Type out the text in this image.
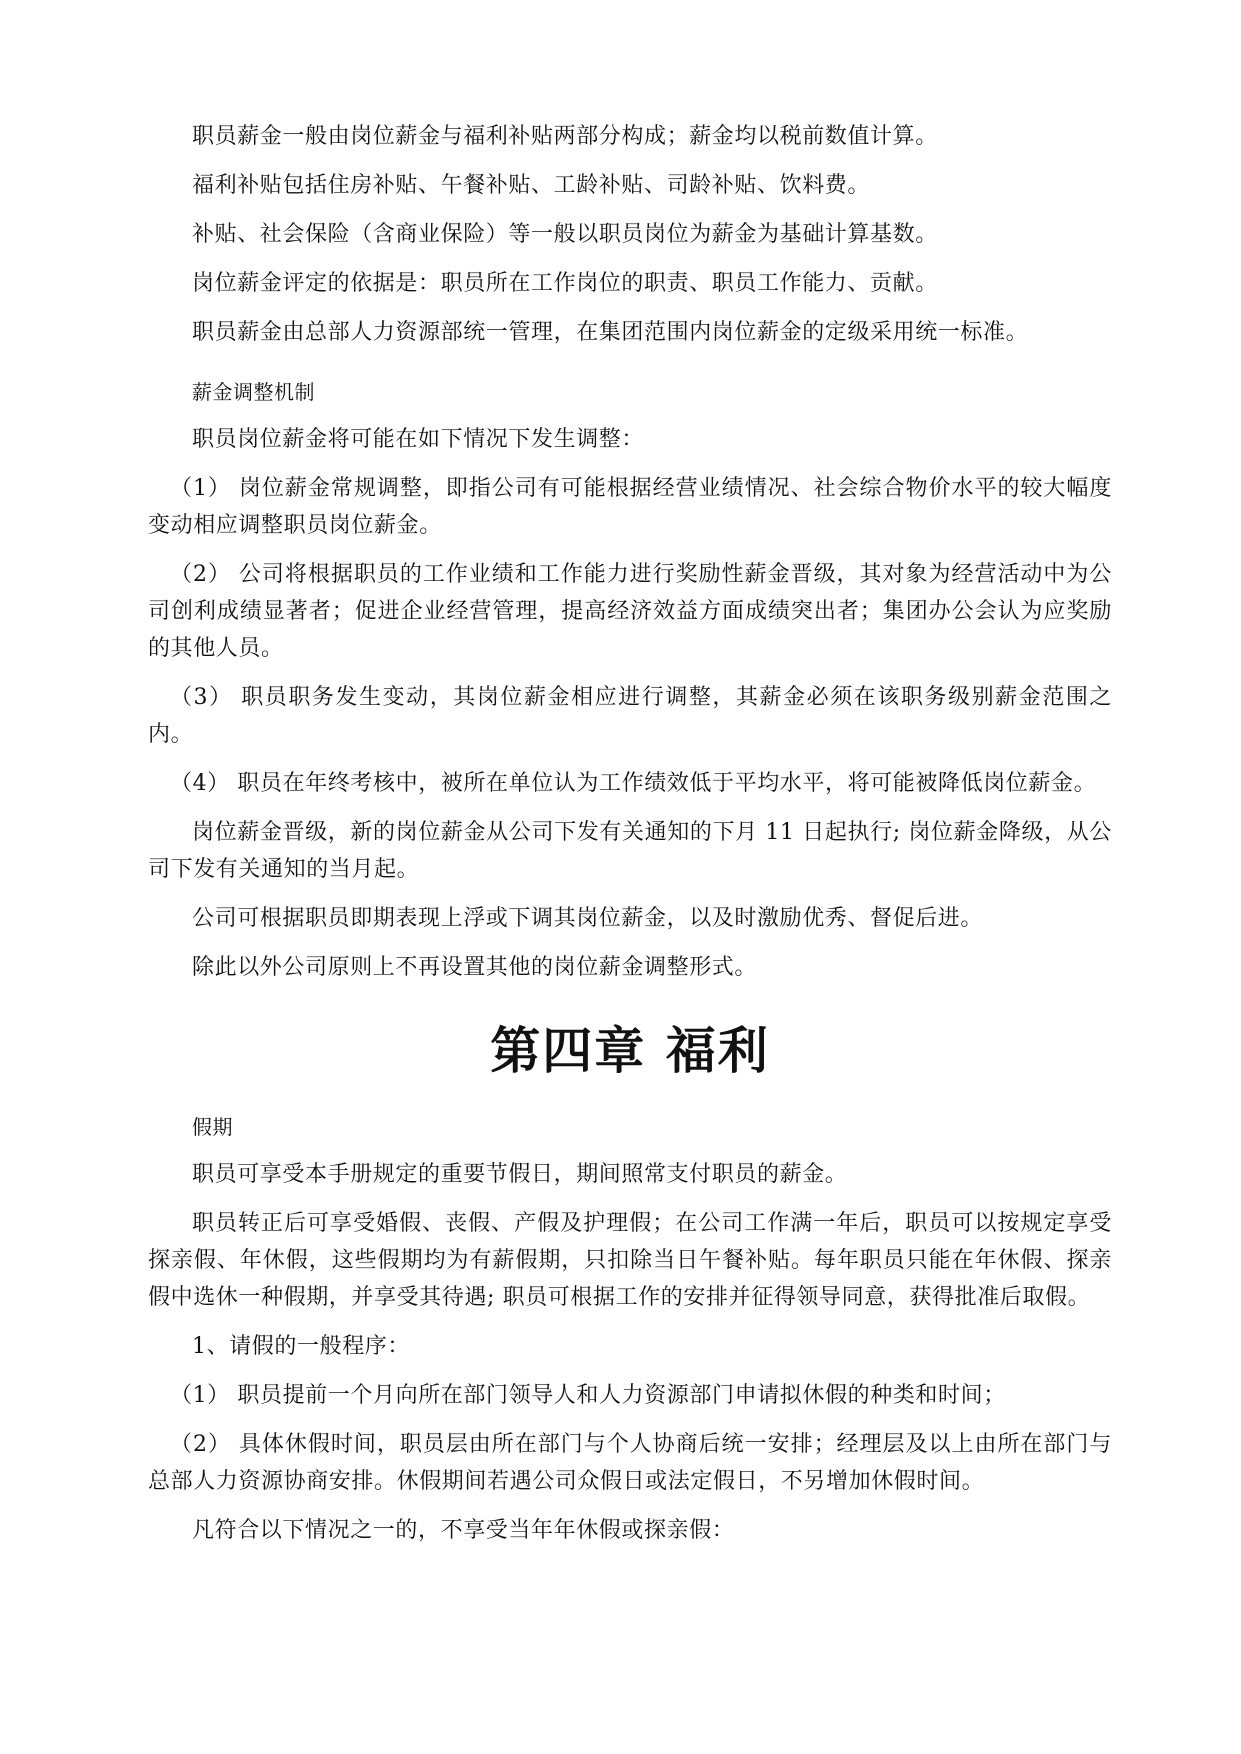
职员薪金一般由岗位薪金与福利补贴两部分构成；薪金均以税前数值计算。

福利补贴包括住房补贴、午餐补贴、工龄补贴、司龄补贴、饮料费。

补贴、社会保险（含商业保险）等一般以职员岗位为薪金为基础计算基数。

岗位薪金评定的依据是：职员所在工作岗位的职责、职员工作能力、贡献。

职员薪金由总部人力资源部统一管理，在集团范围内岗位薪金的定级采用统一标准。

薪金调整机制

职员岗位薪金将可能在如下情况下发生调整：

（1） 岗位薪金常规调整，即指公司有可能根据经营业绩情况、社会综合物价水平的较大幅度变动相应调整职员岗位薪金。

（2） 公司将根据职员的工作业绩和工作能力进行奖励性薪金晋级，其对象为经营活动中为公司创利成绩显著者；促进企业经营管理，提高经济效益方面成绩突出者；集团办公会认为应奖励的其他人员。

（3） 职员职务发生变动，其岗位薪金相应进行调整，其薪金必须在该职务级别薪金范围之内。

（4） 职员在年终考核中，被所在单位认为工作绩效低于平均水平，将可能被降低岗位薪金。

岗位薪金晋级，新的岗位薪金从公司下发有关通知的下月 11 日起执行; 岗位薪金降级，从公司下发有关通知的当月起。

公司可根据职员即期表现上浮或下调其岗位薪金，以及时激励优秀、督促后进。

除此以外公司原则上不再设置其他的岗位薪金调整形式。

第四章 福利
假期

职员可享受本手册规定的重要节假日，期间照常支付职员的薪金。

职员转正后可享受婚假、丧假、产假及护理假；在公司工作满一年后，职员可以按规定享受探亲假、年休假，这些假期均为有薪假期，只扣除当日午餐补贴。每年职员只能在年休假、探亲假中选休一种假期，并享受其待遇; 职员可根据工作的安排并征得领导同意，获得批准后取假。

1、请假的一般程序：

（1） 职员提前一个月向所在部门领导人和人力资源部门申请拟休假的种类和时间；

（2） 具体休假时间，职员层由所在部门与个人协商后统一安排；经理层及以上由所在部门与总部人力资源协商安排。休假期间若遇公司众假日或法定假日，不另增加休假时间。

凡符合以下情况之一的，不享受当年年休假或探亲假：
